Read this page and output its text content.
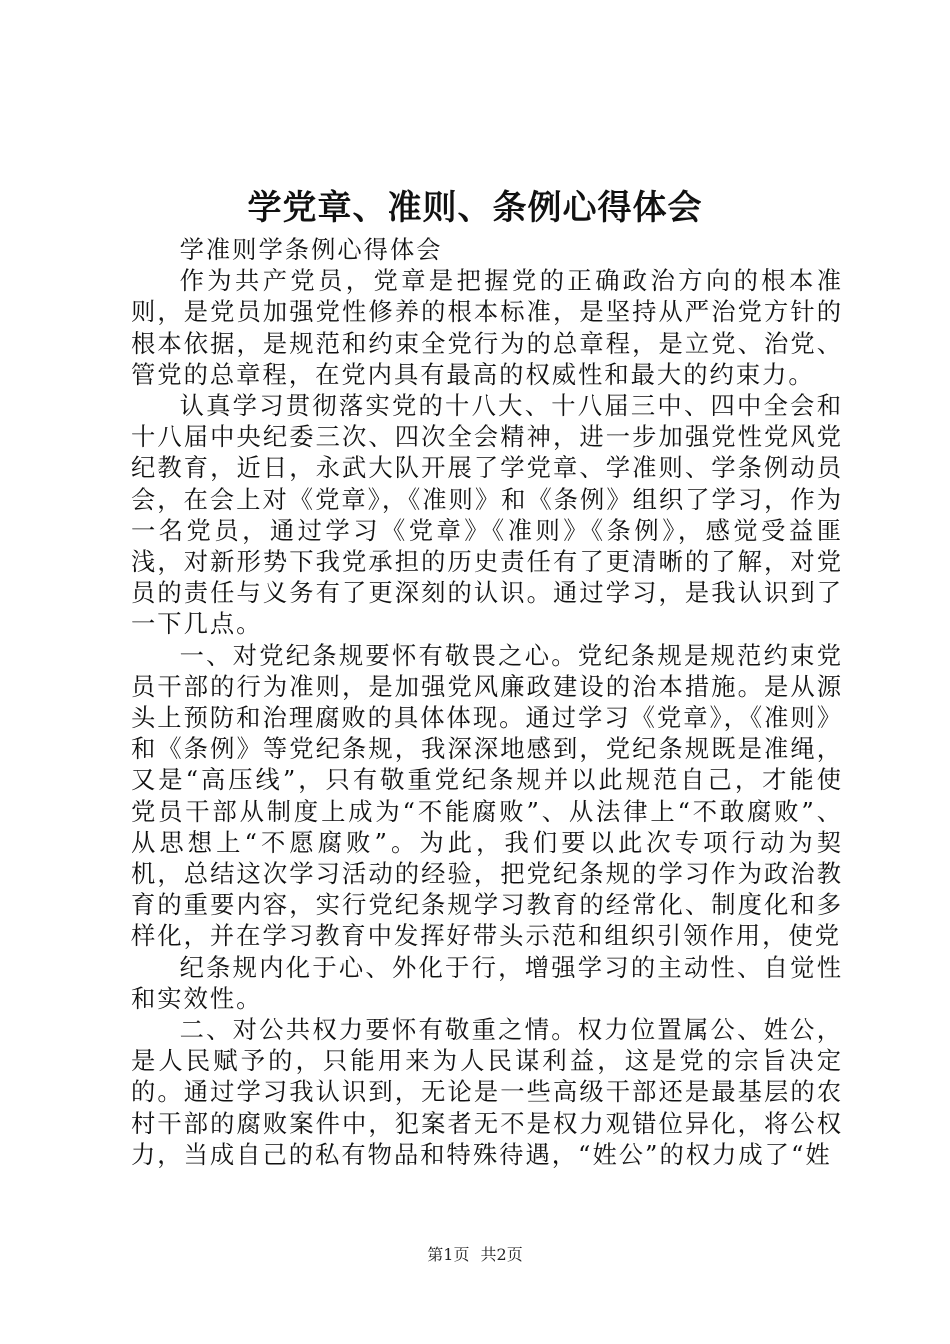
学党章、准则、条例心得体会

学准则学条例心得体会

作为共产党员，党章是把握党的正确政治方向的根本准则，是党员加强党性修养的根本标准，是坚持从严治党方针的根本依据，是规范和约束全党行为的总章程，是立党、治党、管党的总章程，在党内具有最高的权威性和最大的约束力。

认真学习贯彻落实党的十八大、十八届三中、四中全会和十八届中央纪委三次、四次全会精神，进一步加强党性党风党纪教育，近日，永武大队开展了学党章、学准则、学条例动员会，在会上对《党章》，《准则》和《条例》组织了学习，作为一名党员，通过学习《党章》《准则》《条例》，感觉受益匪浅，对新形势下我党承担的历史责任有了更清晰的了解，对党员的责任与义务有了更深刻的认识。通过学习，是我认识到了一下几点。

一、对党纪条规要怀有敬畏之心。党纪条规是规范约束党员干部的行为准则，是加强党风廉政建设的治本措施。是从源头上预防和治理腐败的具体体现。通过学习《党章》，《准则》和《条例》等党纪条规，我深深地感到，党纪条规既是准绳，又是“高压线”，只有敬重党纪条规并以此规范自己，才能使党员干部从制度上成为“不能腐败”、从法律上“不敢腐败”、从思想上“不愿腐败”。为此，我们要以此次专项行动为契机，总结这次学习活动的经验，把党纪条规的学习作为政治教育的重要内容，实行党纪条规学习教育的经常化、制度化和多样化，并在学习教育中发挥好带头示范和组织引领作用，使党

纪条规内化于心、外化于行，增强学习的主动性、自觉性和实效性。

二、对公共权力要怀有敬重之情。权力位置属公、姓公，是人民赋予的，只能用来为人民谋利益，这是党的宗旨决定的。通过学习我认识到，无论是一些高级干部还是最基层的农村干部的腐败案件中，犯案者无不是权力观错位异化，将公权力，当成自己的私有物品和特殊待遇，“姓公”的权力成了“姓

第1页 共2页
